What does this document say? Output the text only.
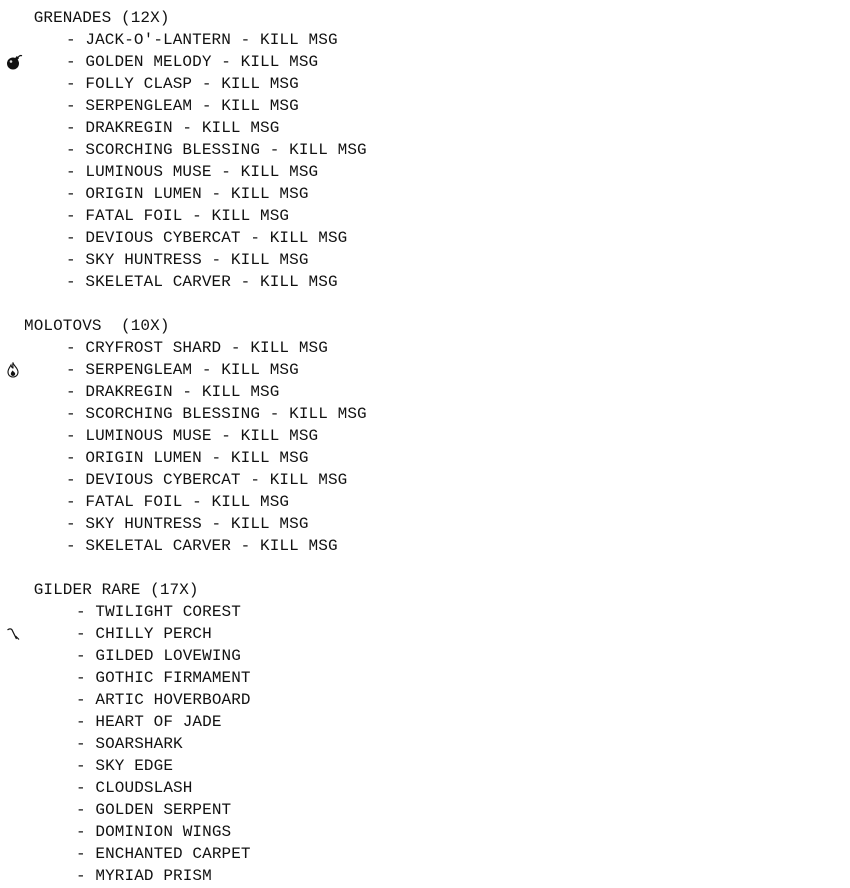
GRENADES (12X)
- JACK-O'-LANTERN - KILL MSG
- GOLDEN MELODY - KILL MSG
- FOLLY CLASP - KILL MSG
- SERPENGLEAM - KILL MSG
- DRAKREGIN - KILL MSG
- SCORCHING BLESSING - KILL MSG
- LUMINOUS MUSE - KILL MSG
- ORIGIN LUMEN - KILL MSG
- FATAL FOIL - KILL MSG
- DEVIOUS CYBERCAT - KILL MSG
- SKY HUNTRESS - KILL MSG
- SKELETAL CARVER - KILL MSG

MOLOTOVS  (10X)
- CRYFROST SHARD - KILL MSG
- SERPENGLEAM - KILL MSG
- DRAKREGIN - KILL MSG
- SCORCHING BLESSING - KILL MSG
- LUMINOUS MUSE - KILL MSG
- ORIGIN LUMEN - KILL MSG
- DEVIOUS CYBERCAT - KILL MSG
- FATAL FOIL - KILL MSG
- SKY HUNTRESS - KILL MSG
- SKELETAL CARVER - KILL MSG

GILDER RARE (17X)
- TWILIGHT COREST
- CHILLY PERCH
- GILDED LOVEWING
- GOTHIC FIRMAMENT
- ARTIC HOVERBOARD
- HEART OF JADE
- SOARSHARK
- SKY EDGE
- CLOUDSLASH
- GOLDEN SERPENT
- DOMINION WINGS
- ENCHANTED CARPET
- MYRIAD PRISM
